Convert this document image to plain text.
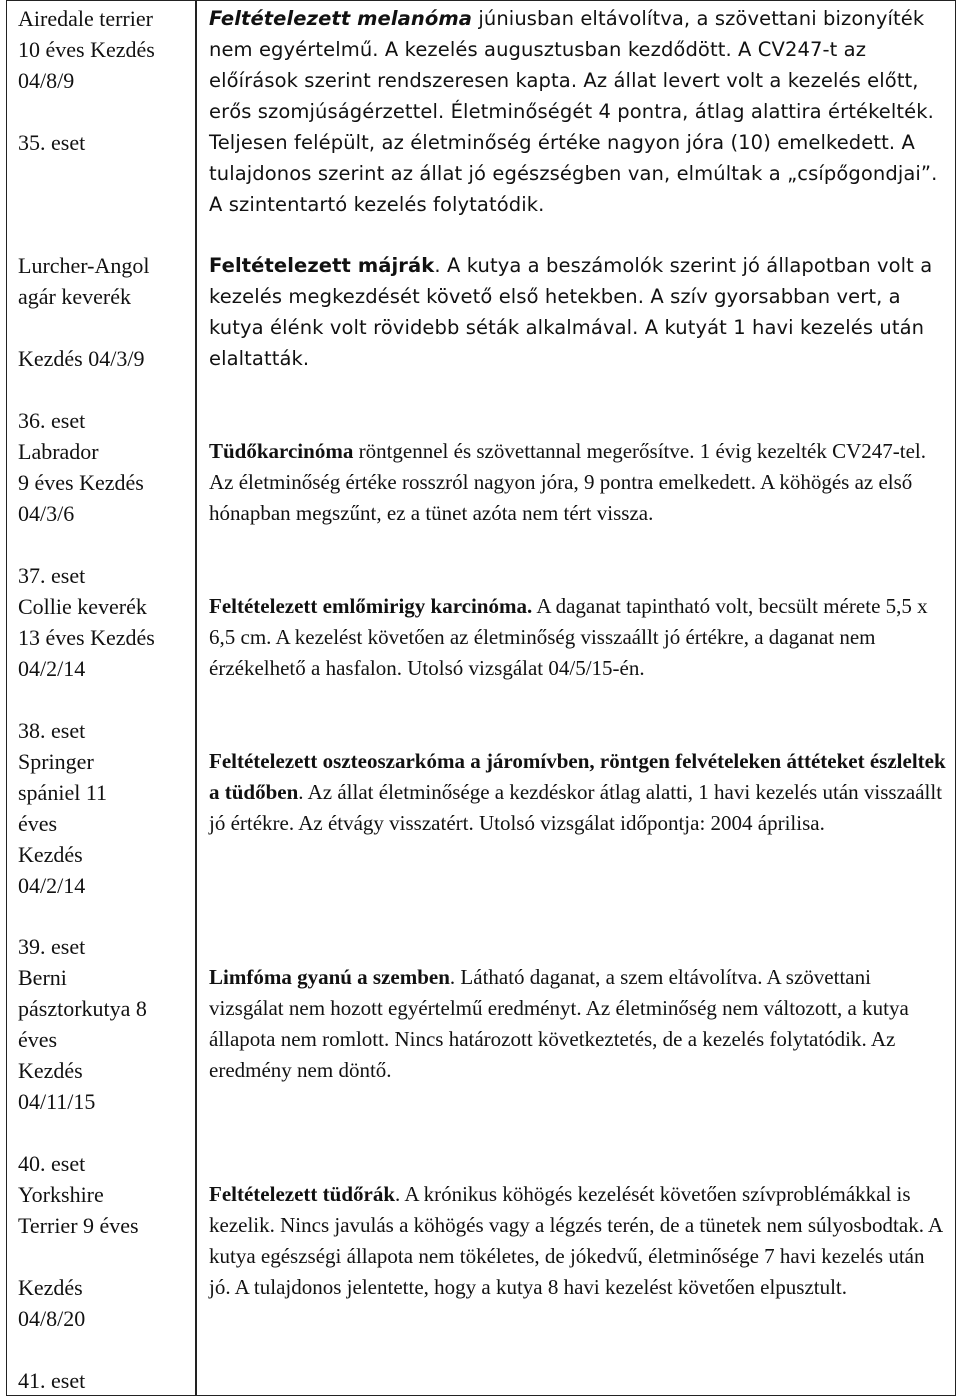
Airedale terrier
10 éves Kezdés
04/8/9
35. eset
Lurcher-Angol
agár keverék
Kezdés 04/3/9
36. eset
Labrador
9 éves Kezdés
04/3/6
37. eset
Collie keverék
13 éves Kezdés
04/2/14
38. eset
Springer
spániel 11
éves
Kezdés
04/2/14
39. eset
Berni
pásztorkutya 8
éves
Kezdés
04/11/15
40. eset
Yorkshire
Terrier 9 éves
Kezdés
04/8/20
41. eset
Feltételezett melanóma júniusban eltávolítva, a szövettani bizonyíték nem egyértelmű. A kezelés augusztusban kezdődött. A CV247-t az előírások szerint rendszeresen kapta. Az állat levert volt a kezelés előtt, erős szomjúságérzettel. Életminőségét 4 pontra, átlag alattira értékelték. Teljesen felépült, az életminőség értéke nagyon jóra (10) emelkedett. A tulajdonos szerint az állat jó egészségben van, elmúltak a „csípőgondjai”. A szintentartó kezelés folytatódik.
Feltételezett májrák. A kutya a beszámolók szerint jó állapotban volt a kezelés megkezdését követő első hetekben. A szív gyorsabban vert, a kutya élénk volt rövidebb séták alkalmával. A kutyát 1 havi kezelés után elaltatták.
Tüdőkarcinóma röntgennel és szövettannal megerősítve. 1 évig kezelték CV247-tel. Az életminőség értéke rosszról nagyon jóra, 9 pontra emelkedett. A köhögés az első hónapban megszűnt, ez a tünet azóta nem tért vissza.
Feltételezett emlőmirigy karcinóma. A daganat tapintható volt, becsült mérete 5,5 x 6,5 cm. A kezelést követően az életminőség visszaállt jó értékre, a daganat nem érzékelhető a hasfalon. Utolsó vizsgálat 04/5/15-én.
Feltételezett oszteoszarkóma a járomívben, röntgen felvételeken áttéteket észleltek a tüdőben. Az állat életminősége a kezdéskor átlag alatti, 1 havi kezelés után visszaállt jó értékre. Az étvágy visszatért. Utolsó vizsgálat időpontja: 2004 áprilisa.
Limfóma gyanú a szemben. Látható daganat, a szem eltávolítva. A szövettani vizsgálat nem hozott egyértelmű eredményt. Az életminőség nem változott, a kutya állapota nem romlott. Nincs határozott következtetés, de a kezelés folytatódik. Az eredmény nem döntő.
Feltételezett tüdőrák. A krónikus köhögés kezelését követően szívproblémákkal is kezelik. Nincs javulás a köhögés vagy a légzés terén, de a tünetek nem súlyosbodtak. A kutya egészségi állapota nem tökéletes, de jókedvű, életminősége 7 havi kezelés után jó. A tulajdonos jelentette, hogy a kutya 8 havi kezelést követően elpusztult.
